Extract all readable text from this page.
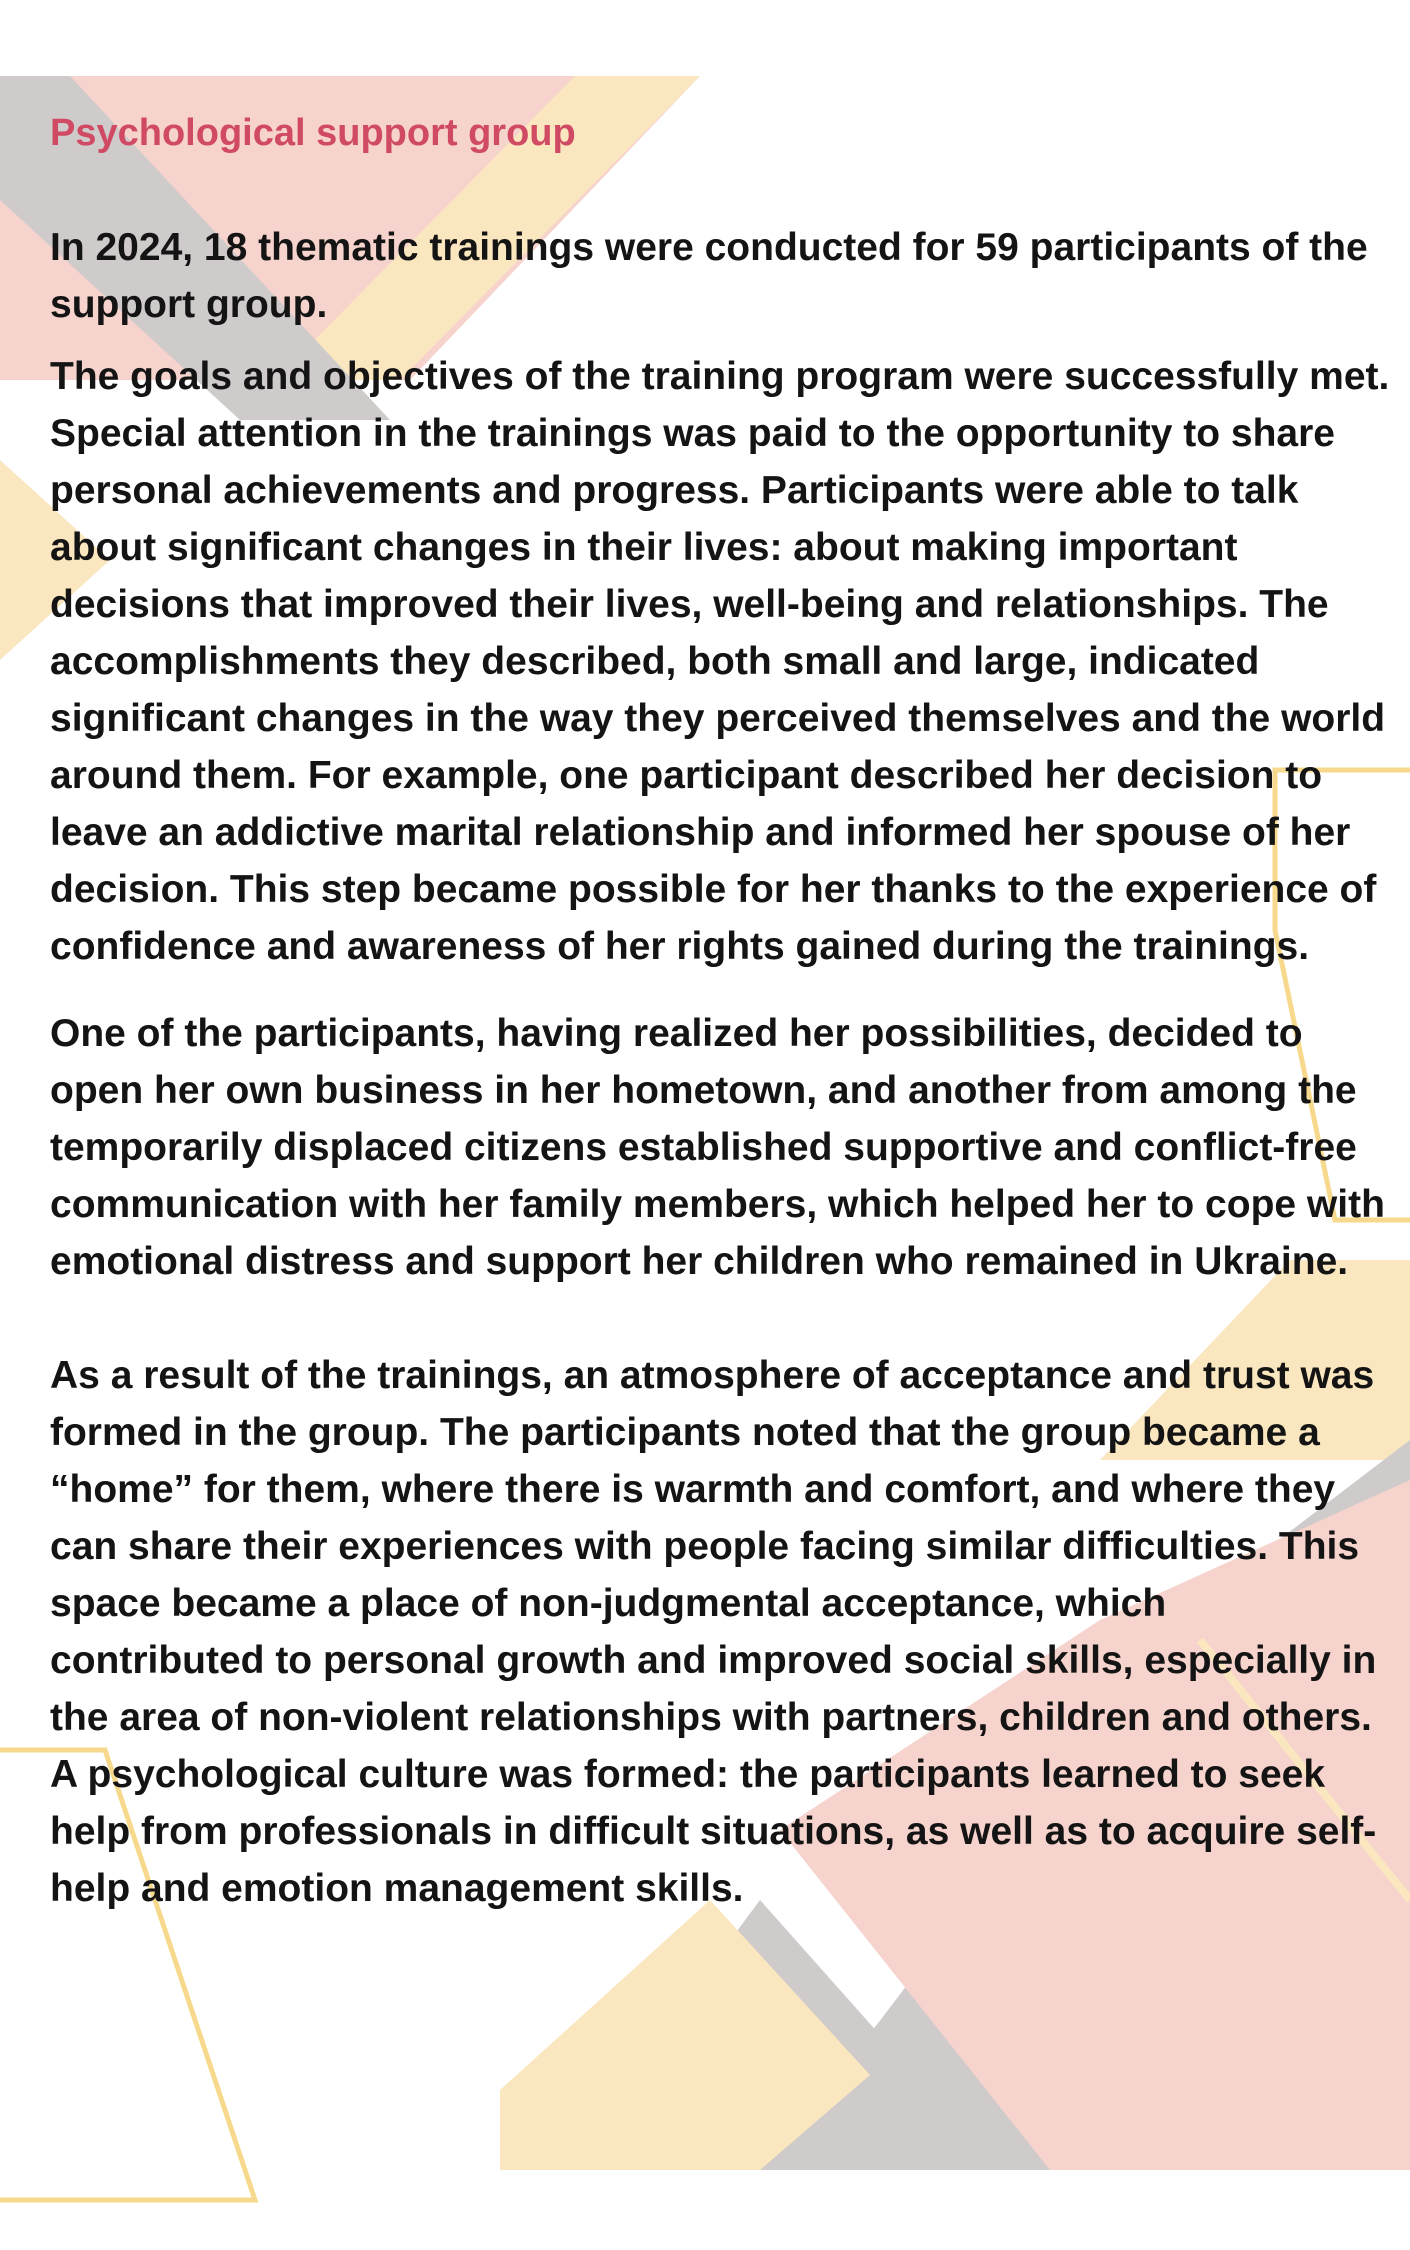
Psychological support group

In 2024, 18 thematic trainings were conducted for 59 participants of the support group.

The goals and objectives of the training program were successfully met. Special attention in the trainings was paid to the opportunity to share personal achievements and progress. Participants were able to talk about significant changes in their lives: about making important decisions that improved their lives, well-being and relationships. The accomplishments they described, both small and large, indicated significant changes in the way they perceived themselves and the world around them. For example, one participant described her decision to leave an addictive marital relationship and informed her spouse of her decision. This step became possible for her thanks to the experience of confidence and awareness of her rights gained during the trainings.

One of the participants, having realized her possibilities, decided to open her own business in her hometown, and another from among the temporarily displaced citizens established supportive and conflict-free communication with her family members, which helped her to cope with emotional distress and support her children who remained in Ukraine.

As a result of the trainings, an atmosphere of acceptance and trust was formed in the group. The participants noted that the group became a “home” for them, where there is warmth and comfort, and where they can share their experiences with people facing similar difficulties. This space became a place of non-judgmental acceptance, which contributed to personal growth and improved social skills, especially in the area of non-violent relationships with partners, children and others. A psychological culture was formed: the participants learned to seek help from professionals in difficult situations, as well as to acquire self-help and emotion management skills.
